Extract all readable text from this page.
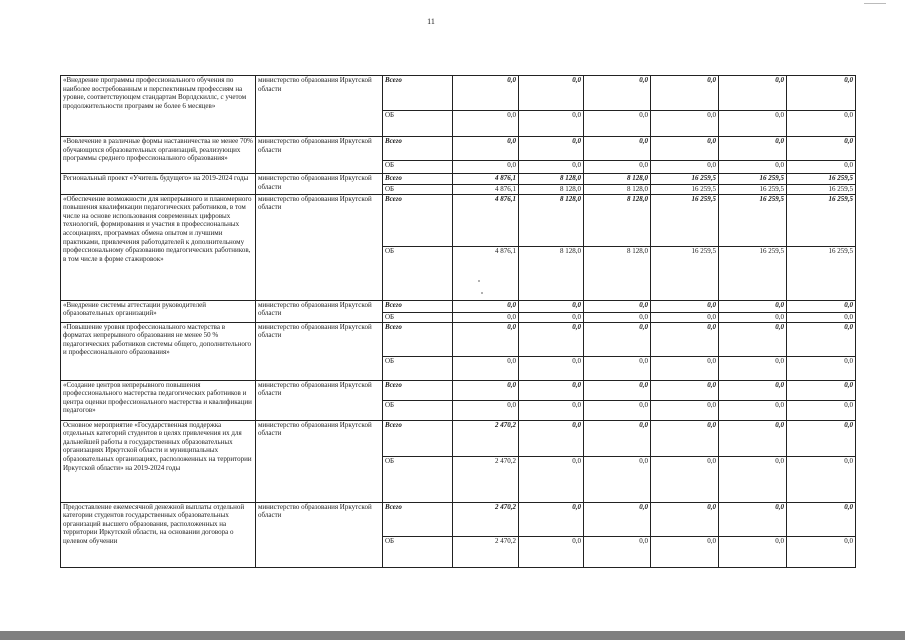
11
«Внедрение программы профессионального обучения по наиболее востребованным и перспективным профессиям на уровне, соответствующем стандартам Ворлдскиллс, с учетом продолжительности программ не более 6 месяцев»	министерство образования Иркутской области	Всего	0,0	0,0	0,0	0,0	0,0	0,0
		ОБ	0,0	0,0	0,0	0,0	0,0	0,0
«Вовлечение в различные формы наставничества не менее 70% обучающихся образовательных организаций, реализующих программы среднего профессионального образования»	министерство образования Иркутской области	Всего	0,0	0,0	0,0	0,0	0,0	0,0
		ОБ	0,0	0,0	0,0	0,0	0,0	0,0
Региональный проект «Учитель будущего» на 2019-2024 годы	министерство образования Иркутской области	Всего	4 876,1	8 128,0	8 128,0	16 259,5	16 259,5	16 259,5
		ОБ	4 876,1	8 128,0	8 128,0	16 259,5	16 259,5	16 259,5
«Обеспечение возможности для непрерывного и планомерного повышения квалификации педагогических работников, в том числе на основе использования современных цифровых технологий, формирования и участия в профессиональных ассоциациях, программах обмена опытом и лучшими практиками, привлечения работодателей к дополнительному профессиональному образованию педагогических работников, в том числе в форме стажировок»	министерство образования Иркутской области	Всего	4 876,1	8 128,0	8 128,0	16 259,5	16 259,5	16 259,5
		ОБ	4 876,1	8 128,0	8 128,0	16 259,5	16 259,5	16 259,5
«Внедрение системы аттестации руководителей образовательных организаций»	министерство образования Иркутской области	Всего	0,0	0,0	0,0	0,0	0,0	0,0
		ОБ	0,0	0,0	0,0	0,0	0,0	0,0
«Повышение уровня профессионального мастерства в форматах непрерывного образования не менее 50 % педагогических работников системы общего, дополнительного и профессионального образования»	министерство образования Иркутской области	Всего	0,0	0,0	0,0	0,0	0,0	0,0
		ОБ	0,0	0,0	0,0	0,0	0,0	0,0
«Создание центров непрерывного повышения профессионального мастерства педагогических работников и центра оценки профессионального мастерства и квалификации педагогов»	министерство образования Иркутской области	Всего	0,0	0,0	0,0	0,0	0,0	0,0
		ОБ	0,0	0,0	0,0	0,0	0,0	0,0
Основное мероприятие «Государственная поддержка отдельных категорий студентов в целях привлечения их для дальнейшей работы в государственных образовательных организациях Иркутской области и муниципальных образовательных организациях, расположенных на территории Иркутской области» на 2019-2024 годы	министерство образования Иркутской области	Всего	2 470,2	0,0	0,0	0,0	0,0	0,0
		ОБ	2 470,2	0,0	0,0	0,0	0,0	0,0
Предоставление ежемесячной денежной выплаты отдельной категории студентов государственных образовательных организаций высшего образования, расположенных на территории Иркутской области, на основании договора о целевом обучении	министерство образования Иркутской области	Всего	2 470,2	0,0	0,0	0,0	0,0	0,0
		ОБ	2 470,2	0,0	0,0	0,0	0,0	0,0
